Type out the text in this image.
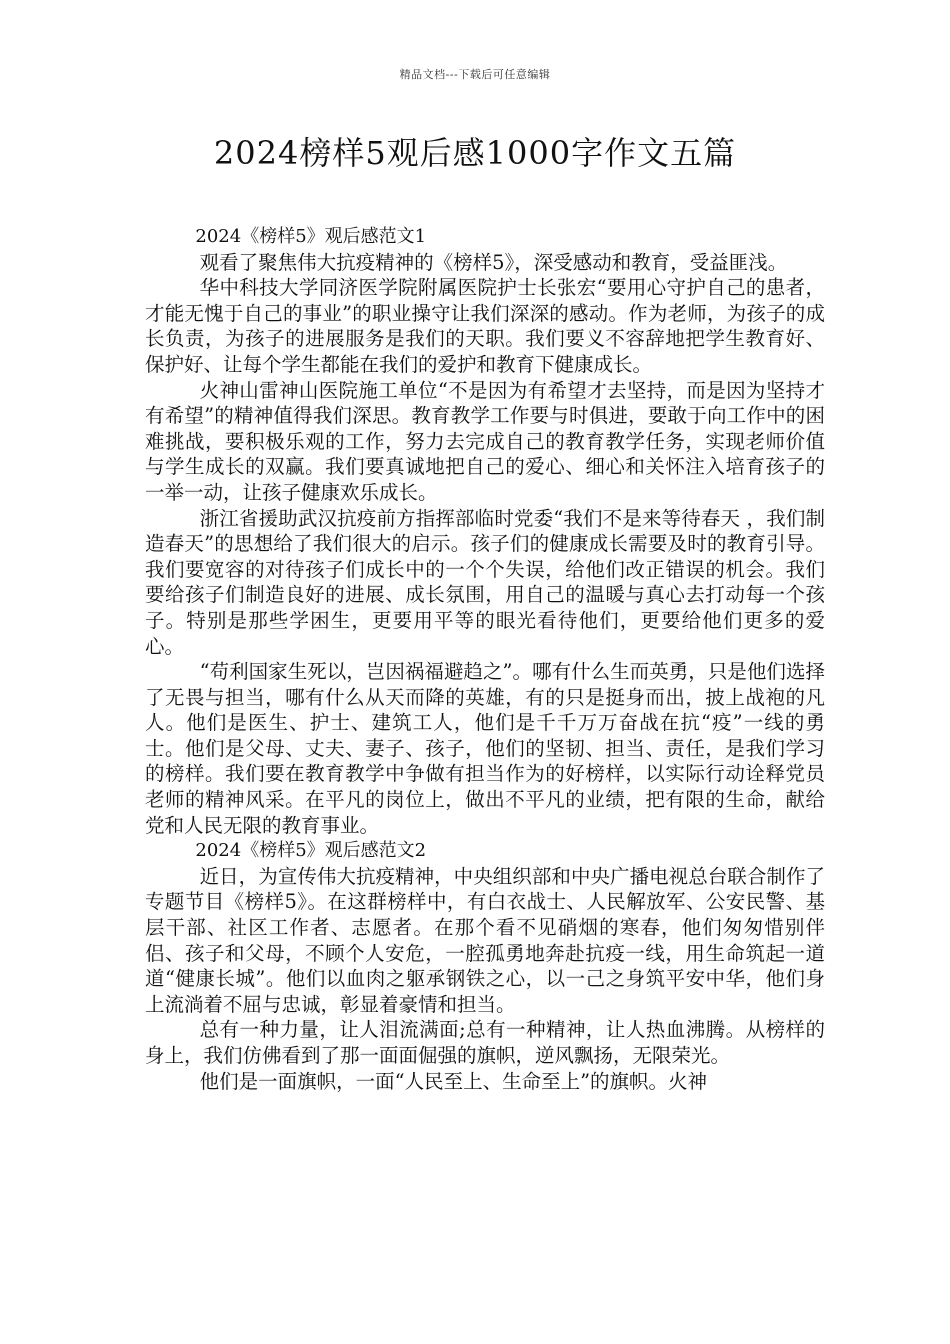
精品文档---下载后可任意编辑
2024榜样5观后感1000字作文五篇

2024《榜样5》观后感范文1

观看了聚焦伟大抗疫精神的《榜样5》，深受感动和教育，受益匪浅。

华中科技大学同济医学院附属医院护士长张宏“要用心守护自己的患者，才能无愧于自己的事业”的职业操守让我们深深的感动。作为老师，为孩子的成长负责，为孩子的进展服务是我们的天职。我们要义不容辞地把学生教育好、保护好、让每个学生都能在我们的爱护和教育下健康成长。

火神山雷神山医院施工单位“不是因为有希望才去坚持，而是因为坚持才有希望”的精神值得我们深思。教育教学工作要与时俱进，要敢于向工作中的困难挑战，要积极乐观的工作，努力去完成自己的教育教学任务，实现老师价值与学生成长的双赢。我们要真诚地把自己的爱心、细心和关怀注入培育孩子的一举一动，让孩子健康欢乐成长。

浙江省援助武汉抗疫前方指挥部临时党委“我们不是来等待春天 ，我们制造春天”的思想给了我们很大的启示。孩子们的健康成长需要及时的教育引导。我们要宽容的对待孩子们成长中的一个个失误，给他们改正错误的机会。我们要给孩子们制造良好的进展、成长氛围，用自己的温暖与真心去打动每一个孩子。特别是那些学困生，更要用平等的眼光看待他们，更要给他们更多的爱心。

“苟利国家生死以，岂因祸福避趋之”。哪有什么生而英勇，只是他们选择了无畏与担当，哪有什么从天而降的英雄，有的只是挺身而出，披上战袍的凡人。他们是医生、护士、建筑工人，他们是千千万万奋战在抗“疫”一线的勇士。他们是父母、丈夫、妻子、孩子，他们的坚韧、担当、责任，是我们学习的榜样。我们要在教育教学中争做有担当作为的好榜样，以实际行动诠释党员老师的精神风采。在平凡的岗位上，做出不平凡的业绩，把有限的生命，献给党和人民无限的教育事业。

2024《榜样5》观后感范文2

近日，为宣传伟大抗疫精神，中央组织部和中央广播电视总台联合制作了专题节目《榜样5》。在这群榜样中，有白衣战士、人民解放军、公安民警、基层干部、社区工作者、志愿者。在那个看不见硝烟的寒春，他们匆匆惜别伴侣、孩子和父母，不顾个人安危，一腔孤勇地奔赴抗疫一线，用生命筑起一道道“健康长城”。他们以血肉之躯承钢铁之心，以一己之身筑平安中华，他们身上流淌着不屈与忠诚，彰显着豪情和担当。

总有一种力量，让人泪流满面;总有一种精神，让人热血沸腾。从榜样的身上，我们仿佛看到了那一面面倔强的旗帜，逆风飘扬，无限荣光。

他们是一面旗帜，一面“人民至上、生命至上”的旗帜。火神
